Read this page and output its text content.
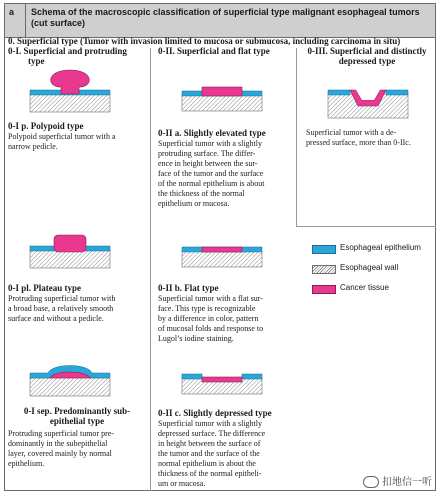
a Schema of the macroscopic classification of superficial type malignant esophageal tumors
(cut surface)
0. Superficial type (Tumor with invasion limited to mucosa or submucosa, including carcinoma in situ)
0-I. Superficial and protruding
type
0-I p. Polypoid type
Polypoid superficial tumor with a
narrow pedicle.
0-I pl. Plateau type
Protruding superficial tumor with
a broad base, a relatively smooth
surface and without a pedicle.
0-I sep. Predominantly sub-
epithelial type
Protruding superficial tumor pre-
dominantly in the subepithelial
layer, covered mainly by normal
epithelium.
0-II. Superficial and flat type
0-II a. Slightly elevated type
Superficial tumor with a slightly
protruding surface. The differ-
ence in height between the sur-
face of the tumor and the surface
of the normal epithelium is about
the thickness of the normal
epithelium or mucosa.
0-II b. Flat type
Superficial tumor with a flat sur-
face. This type is recognizable
by a difference in color, pattern
of mucosal folds and response to
Lugol’s iodine staining.
0-II c. Slightly depressed type
Superficial tumor with a slightly
depressed surface. The difference
in height between the surface of
the tumor and the surface of the
normal epithelium is about the
thickness of the normal epitheli-
um or mucosa.
0-III. Superficial and distinctly
depressed type
Superficial tumor with a de-
pressed surface, more than 0-IIc.
Esophageal epithelium
Esophageal wall
Cancer tissue
扣地信一听
